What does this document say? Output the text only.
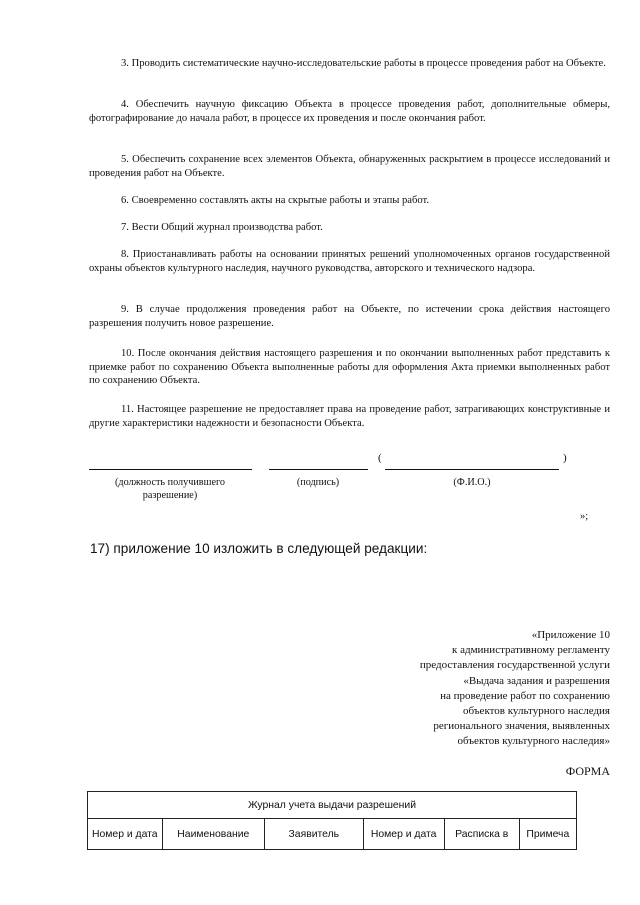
3. Проводить систематические научно-исследовательские работы в процессе проведения работ на Объекте.

4. Обеспечить научную фиксацию Объекта в процессе проведения работ, дополнительные обмеры, фотографирование до начала работ, в процессе их проведения и после окончания работ.

5. Обеспечить сохранение всех элементов Объекта, обнаруженных раскрытием в процессе исследований и проведения работ на Объекте.

6. Своевременно составлять акты на скрытые работы и этапы работ.

7. Вести Общий журнал производства работ.

8. Приостанавливать работы на основании принятых решений уполномоченных органов государственной охраны объектов культурного наследия, научного руководства, авторского и технического надзора.

9. В случае продолжения проведения работ на Объекте, по истечении срока действия настоящего разрешения получить новое разрешение.

10. После окончания действия настоящего разрешения и по окончании выполненных работ представить к приемке работ по сохранению Объекта выполненные работы для оформления Акта приемки выполненных работ по сохранению Объекта.

11. Настоящее разрешение не предоставляет права на проведение работ, затрагивающих конструктивные и другие характеристики надежности и безопасности Объекта.

(	)
(должность получившего разрешение)
(подпись)	(Ф.И.О.)
»;

17) приложение 10 изложить в следующей редакции:

«Приложение 10
к административному регламенту
предоставления государственной услуги
«Выдача задания и разрешения
на проведение работ по сохранению
объектов культурного наследия
регионального значения, выявленных
объектов культурного наследия»
ФОРМА
Журнал учета выдачи разрешений
Номер и дата	Наименование	Заявитель	Номер и дата	Расписка в	Примеча
